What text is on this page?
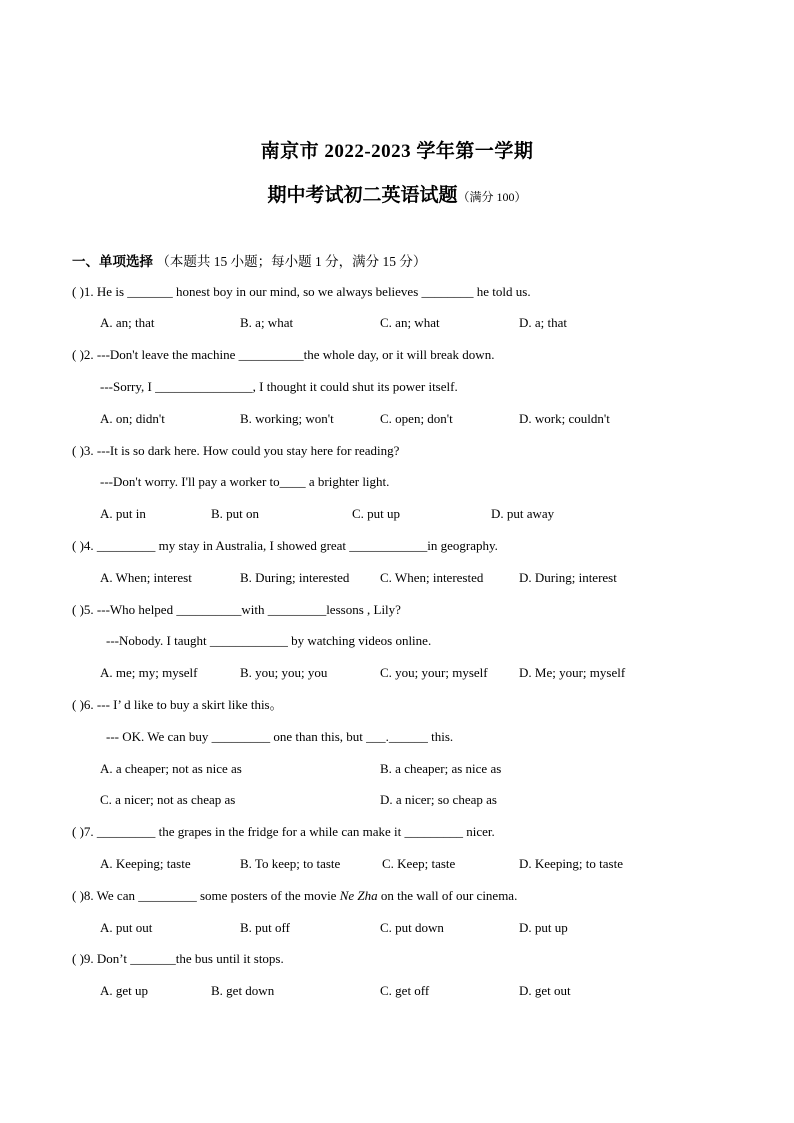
南京市 2022-2023 学年第一学期
期中考试初二英语试题（满分 100）
一、单项选择 （本题共 15 小题；每小题 1 分，满分 15 分）
( )1. He is _______ honest boy in our mind, so we always believes ________ he told us.
A. an; that	B. a; what	C. an; what	D. a; that
( )2. ---Don't leave the machine __________the whole day, or it will break down.
---Sorry, I _______________, I thought it could shut its power itself.
A. on; didn't	B. working; won't	C. open; don't	D. work; couldn't
( )3. ---It is so dark here. How could you stay here for reading?
---Don't worry. I'll pay a worker to____ a brighter light.
A. put in	B. put on	C. put up	D. put away
( )4. _________ my stay in Australia, I showed great ____________in geography.
A. When; interest	B. During; interested C. When; interested	D. During; interest
( )5. ---Who helped __________with _________lessons , Lily?
---Nobody. I taught ____________ by watching videos online.
A. me; my; myself	B. you; you; you	C. you; your; myself D. Me; your; myself
( )6. --- I’ d like to buy a skirt like this。
--- OK. We can buy _________ one than this, but ___.______ this.
A. a cheaper; not as nice as	B. a cheaper; as nice as
C. a nicer; not as cheap as	D. a nicer; so cheap as
( )7. _________ the grapes in the fridge for a while can make it _________ nicer.
A. Keeping; taste	B. To keep; to taste	C. Keep; taste	D. Keeping; to taste
( )8. We can _________ some posters of the movie Ne Zha on the wall of our cinema.
A. put out	B. put off	C. put down	D. put up
( )9. Don’t _______the bus until it stops.
A. get up	B. get down	C. get off	D. get out
